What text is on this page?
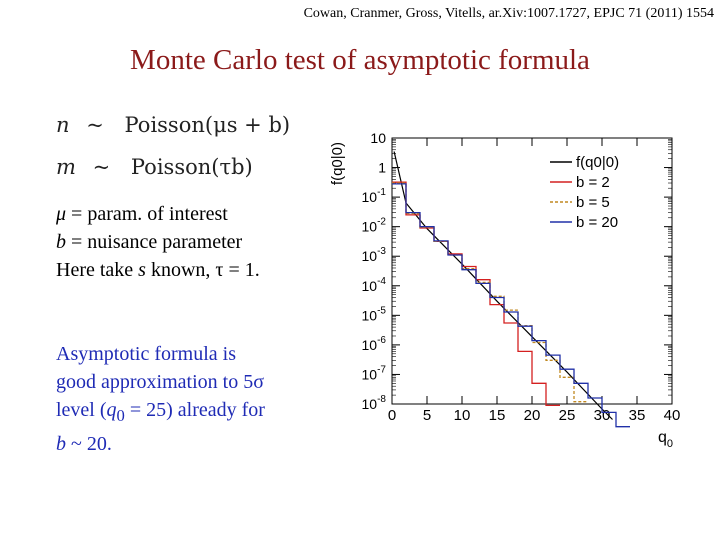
Cowan, Cranmer, Gross, Vitells, ar.Xiv:1007.1727, EPJC 71 (2011) 1554
Monte Carlo test of asymptotic formula
n ~ Poisson(μs + b)
m ~ Poisson(τb)
μ = param. of interest
b = nuisance parameter
Here take s known, τ = 1.
Asymptotic formula is
good approximation to 5σ
level $(q_0 = 25)$ already for
b ~ 20.
0 5 10 15 20 25 30 35 40
10
1
$10^{-1}$
$10^{-2}$
$10^{-3}$
$10^{-4}$
$10^{-5}$
$10^{-6}$
$10^{-7}$
$10^{-8}$
f(q0|0)
b = 2
b = 5
b = 20
f(q0|0)
$q_0$
